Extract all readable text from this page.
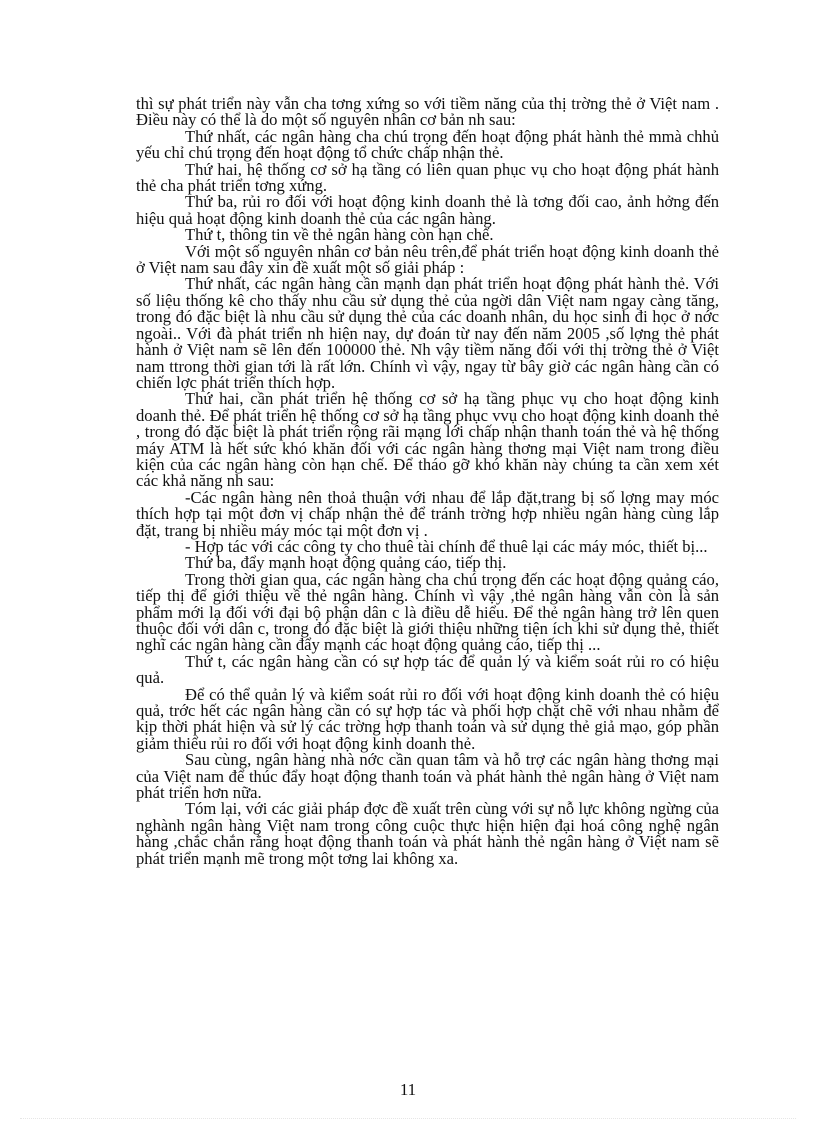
thì sự phát triển này vẫn cha tơng xứng so với tiềm năng của thị trờng thẻ ở Việt nam . Điều này có thể là do một số nguyên nhân cơ bản nh sau:

Thứ nhất, các ngân hàng cha chú trọng đến hoạt động phát hành thẻ mmà chhủ yếu chỉ chú trọng đến hoạt động tổ chức chấp nhận thẻ.

Thứ hai, hệ thống cơ sở hạ tầng có liên quan phục vụ cho hoạt động phát hành thẻ cha phát triển tơng xứng.

Thứ ba, rủi ro đối với hoạt động kinh doanh thẻ là tơng đối cao, ảnh hởng đến hiệu quả hoạt động kinh doanh thẻ của các ngân hàng.

Thứ t, thông tin về thẻ ngân hàng còn hạn chế.

Với một số nguyên nhân cơ bản nêu trên,để phát triển hoạt động kinh doanh thẻ ở Việt nam sau đây xin đề xuất một số giải pháp :

Thứ nhất, các ngân hàng cần mạnh dạn phát triển hoạt động phát hành thẻ. Với số liệu thống kê cho thấy nhu cầu sử dụng thẻ của ngời dân Việt nam ngay càng tăng, trong đó đặc biệt là nhu cầu sử dụng thẻ của các doanh nhân, du học sinh đi học ở nớc ngoài.. Với đà phát triển nh hiện nay, dự đoán từ nay đến năm 2005 ,số lợng thẻ phát hành ở Việt nam sẽ lên đến 100000 thẻ. Nh vậy tiềm năng đối với thị trờng thẻ ở Việt nam ttrong thời gian tới là rất lớn. Chính vì vậy, ngay từ bây giờ các ngân hàng cần có chiến lợc phát triển thích hợp.

Thứ hai, cần phát triển hệ thống cơ sở hạ tầng phục vụ cho hoạt động kinh doanh thẻ. Để phát triển hệ thống cơ sở hạ tầng phục vvụ cho hoạt động kinh doanh thẻ , trong đó đặc biệt là phát triển rộng rãi mạng lới chấp nhận thanh toán thẻ và hệ thống máy ATM là hết sức khó khăn đối với các ngân hàng thơng mại Việt nam trong điều kiện của các ngân hàng còn hạn chế. Để tháo gỡ khó khăn này chúng ta cần xem xét các khả năng nh sau:

-Các ngân hàng nên thoả thuận với nhau để lắp đặt,trang bị số lợng may móc thích hợp tại một đơn vị chấp nhận thẻ để tránh trờng hợp nhiều ngân hàng cùng lắp đặt, trang bị nhiều máy móc tại một đơn vị .

- Hợp tác với các công ty cho thuê tài chính để thuê lại các máy móc, thiết bị...

Thứ ba, đẩy mạnh hoạt động quảng cáo, tiếp thị.

Trong thời gian qua, các ngân hàng cha chú trọng đến các hoạt động quảng cáo, tiếp thị để giới thiệu về thẻ ngân hàng. Chính vì vậy ,thẻ ngân hàng vẫn còn là sản phẩm mới lạ đối với đại bộ phận dân c là điều dễ hiểu. Để thẻ ngân hàng trở lên quen thuộc đối với dân c, trong đó đặc biệt là giới thiệu những tiện ích khi sử dụng thẻ, thiết nghĩ các ngân hàng cần đẩy mạnh các hoạt động quảng cáo, tiếp thị ...

Thứ t, các ngân hàng cần có sự hợp tác để quản lý và kiểm soát rủi ro có hiệu quả.

Để có thể quản lý và kiểm soát rủi ro đối với hoạt động kinh doanh thẻ có hiệu quả, trớc hết các ngân hàng cần có sự hợp tác và phối hợp chặt chẽ với nhau nhằm để kịp thời phát hiện và sử lý các trờng hợp thanh toán và sử dụng thẻ giả mạo, góp phần giảm thiểu rủi ro đối với hoạt động kinh doanh thẻ.

Sau cùng, ngân hàng nhà nớc cần quan tâm và hỗ trợ các ngân hàng thơng mại của Việt nam để thúc đẩy hoạt động thanh toán và phát hành thẻ ngân hàng ở Việt nam phát triển hơn nữa.

Tóm lại, với các giải pháp đợc đề xuất trên cùng với sự nỗ lực không ngừng của nghành ngân hàng Việt nam trong công cuộc thực hiện hiện đại hoá công nghệ ngân hàng ,chắc chắn rằng hoạt động thanh toán và phát hành thẻ ngân hàng ở Việt nam sẽ phát triển mạnh mẽ trong một tơng lai không xa.

11
